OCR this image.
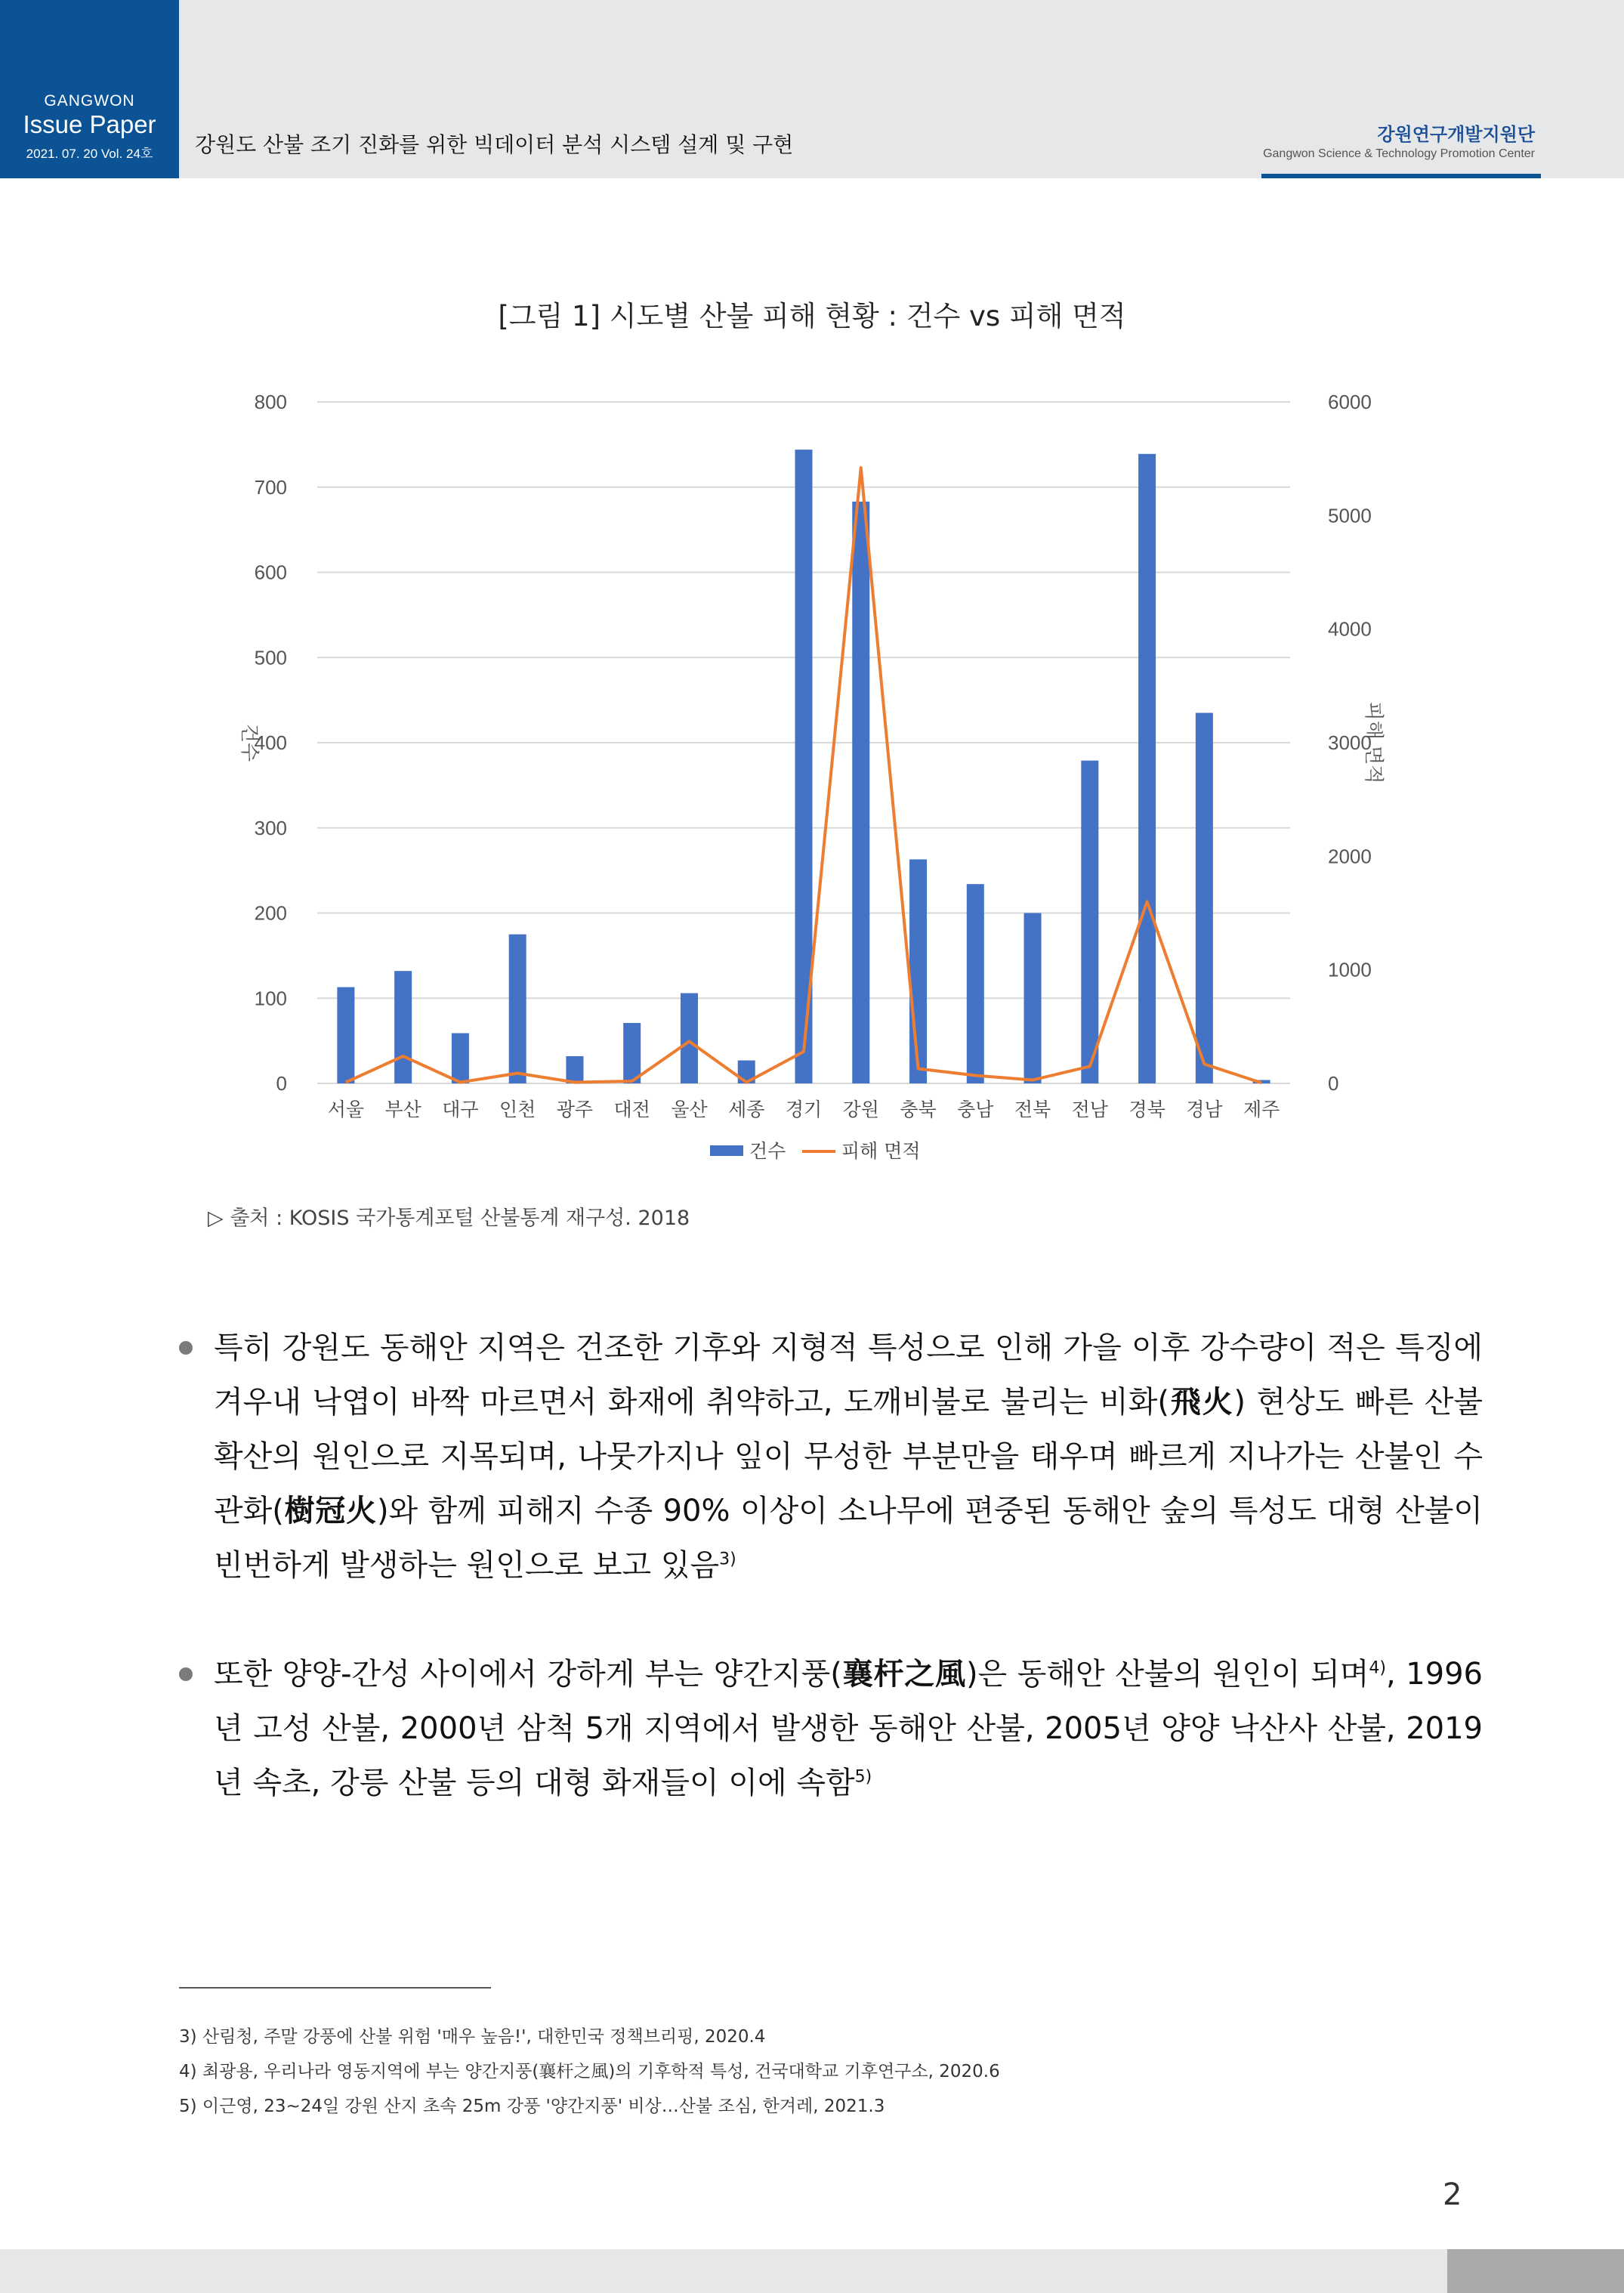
GANGWON
Issue Paper
2021. 07. 20 Vol. 24호	강원도 산불 조기 진화를 위한 빅데이터 분석 시스템 설계 및 구현	강원연구개발지원단
Gangwon Science & Technology Promotion Center
[그림 1] 시도별 산불 피해 현황 : 건수 vs 피해 면적
0
100
200
300
400
500
600
700
800
0
1000
2000
3000
4000
5000
6000
건수	피해 면적
서울 부산 대구 인천 광주 대전 울산 세종 경기 강원 충북 충남 전북 전남 경북 경남 제주
건수	피해 면적
▷ 출처 : KOSIS 국가통계포털 산불통계 재구성. 2018
특히 강원도 동해안 지역은 건조한 기후와 지형적 특성으로 인해 가을 이후 강수량이 적은 특징에 겨우내 낙엽이 바짝 마르면서 화재에 취약하고, 도깨비불로 불리는 비화(飛火) 현상도 빠른 산불 확산의 원인으로 지목되며, 나뭇가지나 잎이 무성한 부분만을 태우며 빠르게 지나가는 산불인 수관화(樹冠火)와 함께 피해지 수종 90% 이상이 소나무에 편중된 동해안 숲의 특성도 대형 산불이 빈번하게 발생하는 원인으로 보고 있음$^{3)}$
또한 양양-간성 사이에서 강하게 부는 양간지풍(襄杆之風)은 동해안 산불의 원인이 되며$^{4)}$, 1996년 고성 산불, 2000년 삼척 5개 지역에서 발생한 동해안 산불, 2005년 양양 낙산사 산불, 2019년 속초, 강릉 산불 등의 대형 화재들이 이에 속함$^{5)}$
3) 산림청, 주말 강풍에 산불 위험 '매우 높음!', 대한민국 정책브리핑, 2020.4
4) 최광용, 우리나라 영동지역에 부는 양간지풍(襄杆之風)의 기후학적 특성, 건국대학교 기후연구소, 2020.6
5) 이근영, 23~24일 강원 산지 초속 25m 강풍 '양간지풍' 비상…산불 조심, 한겨레, 2021.3
2
